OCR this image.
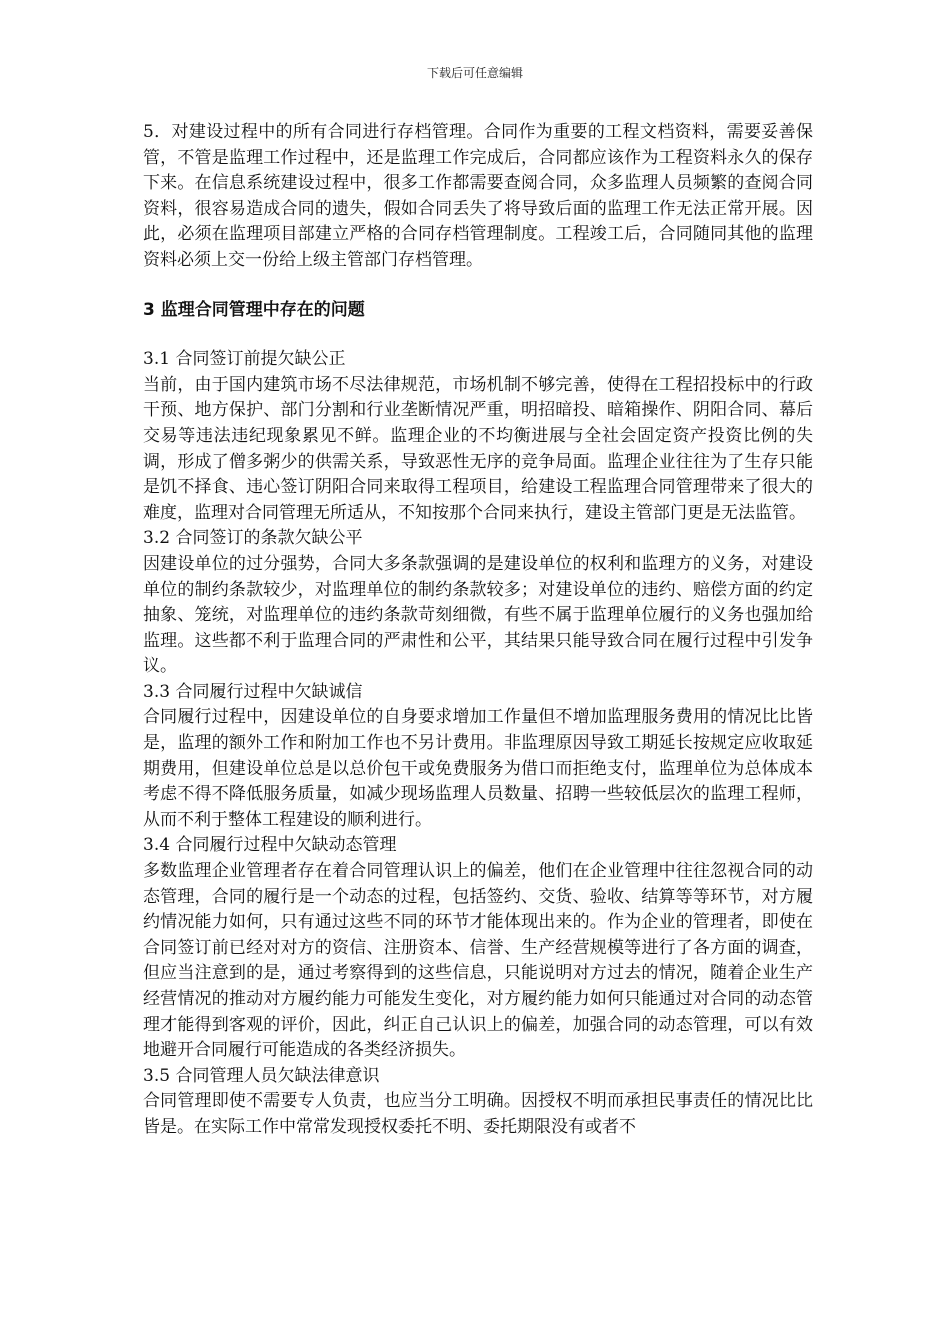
下载后可任意编辑

5．对建设过程中的所有合同进行存档管理。合同作为重要的工程文档资料，需要妥善保管，不管是监理工作过程中，还是监理工作完成后，合同都应该作为工程资料永久的保存下来。在信息系统建设过程中，很多工作都需要查阅合同，众多监理人员频繁的查阅合同资料，很容易造成合同的遗失，假如合同丢失了将导致后面的监理工作无法正常开展。因此，必须在监理项目部建立严格的合同存档管理制度。工程竣工后，合同随同其他的监理资料必须上交一份给上级主管部门存档管理。

3 监理合同管理中存在的问题
3.1 合同签订前提欠缺公正

当前，由于国内建筑市场不尽法律规范，市场机制不够完善，使得在工程招投标中的行政干预、地方保护、部门分割和行业垄断情况严重，明招暗投、暗箱操作、阴阳合同、幕后交易等违法违纪现象累见不鲜。监理企业的不均衡进展与全社会固定资产投资比例的失调，形成了僧多粥少的供需关系，导致恶性无序的竞争局面。监理企业往往为了生存只能是饥不择食、违心签订阴阳合同来取得工程项目，给建设工程监理合同管理带来了很大的难度，监理对合同管理无所适从，不知按那个合同来执行，建设主管部门更是无法监管。

3.2 合同签订的条款欠缺公平

因建设单位的过分强势，合同大多条款强调的是建设单位的权利和监理方的义务，对建设单位的制约条款较少，对监理单位的制约条款较多；对建设单位的违约、赔偿方面的约定抽象、笼统，对监理单位的违约条款苛刻细微，有些不属于监理单位履行的义务也强加给监理。这些都不利于监理合同的严肃性和公平，其结果只能导致合同在履行过程中引发争议。

3.3 合同履行过程中欠缺诚信

合同履行过程中，因建设单位的自身要求增加工作量但不增加监理服务费用的情况比比皆是，监理的额外工作和附加工作也不另计费用。非监理原因导致工期延长按规定应收取延期费用，但建设单位总是以总价包干或免费服务为借口而拒绝支付，监理单位为总体成本考虑不得不降低服务质量，如减少现场监理人员数量、招聘一些较低层次的监理工程师，从而不利于整体工程建设的顺利进行。

3.4 合同履行过程中欠缺动态管理

多数监理企业管理者存在着合同管理认识上的偏差，他们在企业管理中往往忽视合同的动态管理，合同的履行是一个动态的过程，包括签约、交货、验收、结算等等环节，对方履约情况能力如何，只有通过这些不同的环节才能体现出来的。作为企业的管理者，即使在合同签订前已经对对方的资信、注册资本、信誉、生产经营规模等进行了各方面的调查，但应当注意到的是，通过考察得到的这些信息，只能说明对方过去的情况，随着企业生产经营情况的推动对方履约能力可能发生变化，对方履约能力如何只能通过对合同的动态管理才能得到客观的评价，因此，纠正自己认识上的偏差，加强合同的动态管理，可以有效地避开合同履行可能造成的各类经济损失。

3.5 合同管理人员欠缺法律意识

合同管理即使不需要专人负责，也应当分工明确。因授权不明而承担民事责任的情况比比皆是。在实际工作中常常发现授权委托不明、委托期限没有或者不
